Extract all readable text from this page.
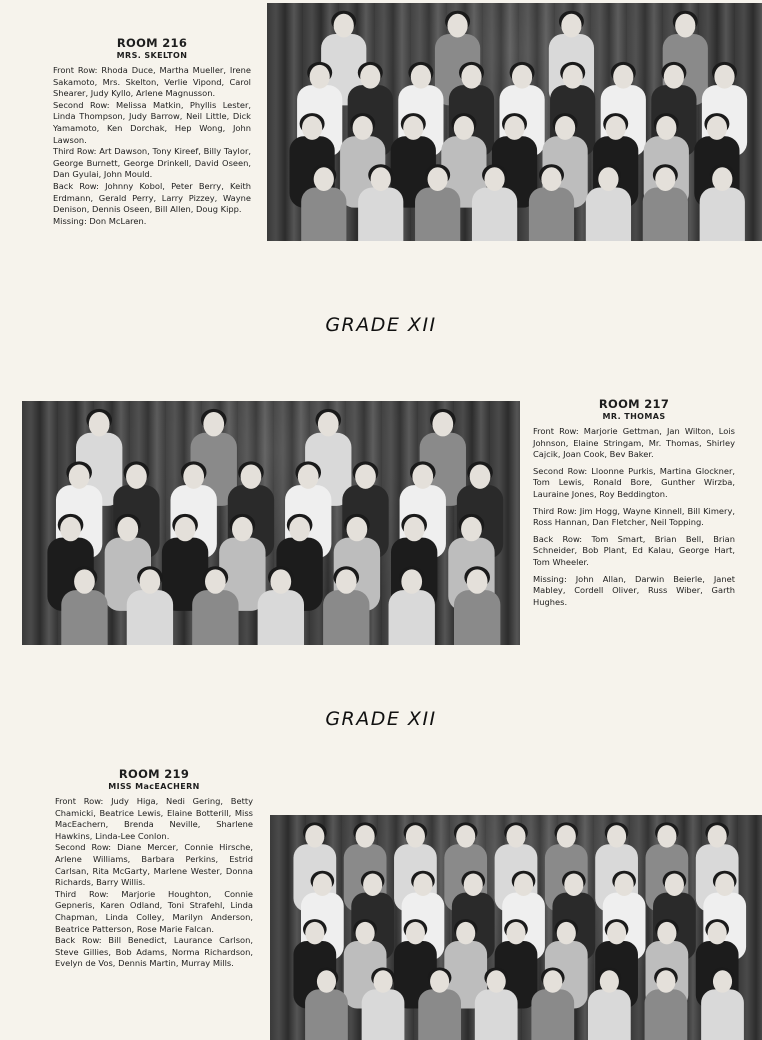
ROOM 216
MRS. SKELTON

Front Row: Rhoda Duce, Martha Mueller, Irene Sakamoto, Mrs. Skelton, Verlie Vipond, Carol Shearer, Judy Kyllo, Arlene Magnusson.

Second Row: Melissa Matkin, Phyllis Lester, Linda Thompson, Judy Barrow, Neil Little, Dick Yamamoto, Ken Dorchak, Hep Wong, John Lawson.

Third Row: Art Dawson, Tony Kireef, Billy Taylor, George Burnett, George Drinkell, David Oseen, Dan Gyulai, John Mould.

Back Row: Johnny Kobol, Peter Berry, Keith Erdmann, Gerald Perry, Larry Pizzey, Wayne Denison, Dennis Oseen, Bill Allen, Doug Kipp.

Missing: Don McLaren.

GRADE XII
ROOM 217
MR. THOMAS

Front Row: Marjorie Gettman, Jan Wilton, Lois Johnson, Elaine Stringam, Mr. Thomas, Shirley Cajcik, Joan Cook, Bev Baker.

Second Row: Lloonne Purkis, Martina Glockner, Tom Lewis, Ronald Bore, Gunther Wirzba, Lauraine Jones, Roy Beddington.

Third Row: Jim Hogg, Wayne Kinnell, Bill Kimery, Ross Hannan, Dan Fletcher, Neil Topping.

Back Row: Tom Smart, Brian Bell, Brian Schneider, Bob Plant, Ed Kalau, George Hart, Tom Wheeler.

Missing: John Allan, Darwin Beierle, Janet Mabley, Cordell Oliver, Russ Wiber, Garth Hughes.

GRADE XII
ROOM 219
MISS MacEACHERN

Front Row: Judy Higa, Nedi Gering, Betty Chamicki, Beatrice Lewis, Elaine Botterill, Miss MacEachern, Brenda Neville, Sharlene Hawkins, Linda-Lee Conlon.

Second Row: Diane Mercer, Connie Hirsche, Arlene Williams, Barbara Perkins, Estrid Carlsan, Rita McGarty, Marlene Wester, Donna Richards, Barry Willis.

Third Row: Marjorie Houghton, Connie Gepneris, Karen Odland, Toni Strafehl, Linda Chapman, Linda Colley, Marilyn Anderson, Beatrice Patterson, Rose Marie Falcan.

Back Row: Bill Benedict, Laurance Carlson, Steve Gillies, Bob Adams, Norma Richardson, Evelyn de Vos, Dennis Martin, Murray Mills.
